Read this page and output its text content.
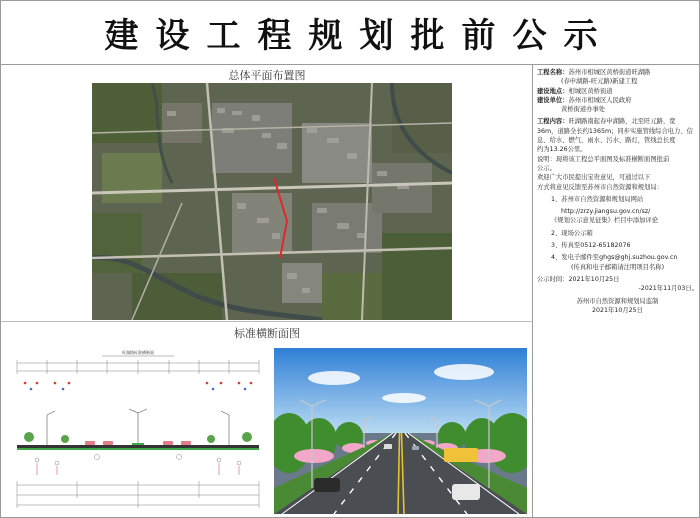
建设工程规划批前公示
总体平面布置图
标准横断面图
旺湖路标准横断面
工程名称：苏州市相城区黄桥街道旺湖路
(春申湖路-旺元路)新建工程
建设地点：相城区黄桥街道
建设单位：苏州市相城区人民政府
黄桥街道办事处
工程内容：旺湖路南起春申湖路，北至旺元路，宽
36m，道路全长约1365m；同步实施管线综合电力、信
息、给水、燃气、雨水、污水、路灯，管线总长度
约为13.26公里。
说明：现将该工程总平面图及标准横断面图批前
公示。
欢迎广大市民提出宝贵意见，可通过以下
方式将意见反馈至苏州市自然资源和规划局：
1、苏州市自然资源和规划局网站
http://zrzy.jiangsu.gov.cn/sz/
《规划公示意见征集》栏目中添加评论
2、现场公示箱
3、传真至0512-65182076
4、发电子邮件至ghgs@ghj.suzhou.gov.cn
(传真和电子邮箱请注明项目名称)
公示时间：2021年10月25日
-2021年11月03日。
苏州市自然资源和规划局监制
2021年10月25日
